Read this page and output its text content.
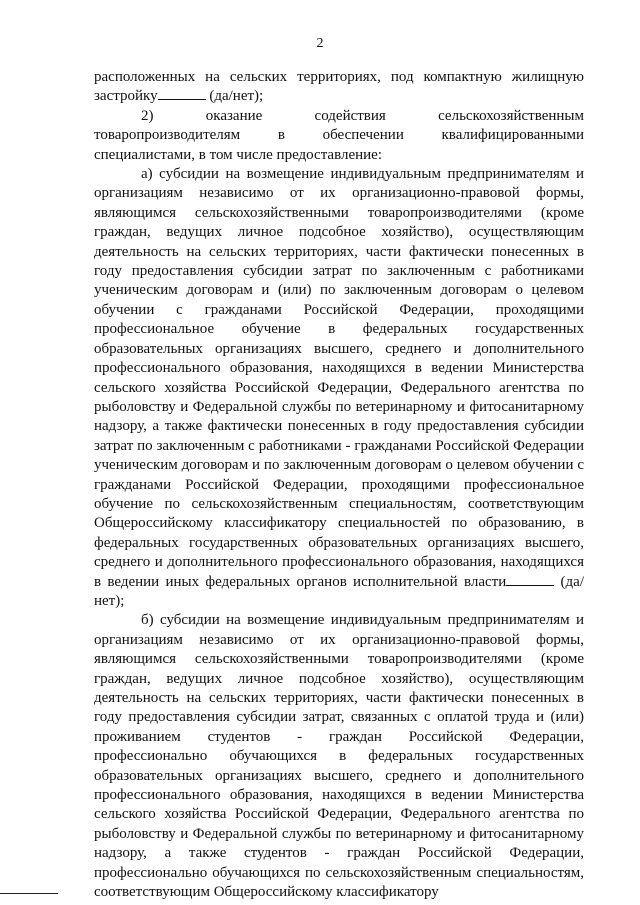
2

расположенных на сельских территориях, под компактную жилищную застройку	(да/нет);

2) оказание содействия сельскохозяйственным товаропроизводителям в обеспечении квалифицированными специалистами, в том числе предоставление:

а) субсидии на возмещение индивидуальным предпринимателям и организациям независимо от их организационно-правовой формы, являющимся сельскохозяйственными товаропроизводителями (кроме граждан, ведущих личное подсобное хозяйство), осуществляющим деятельность на сельских территориях, части фактически понесенных в году предоставления субсидии затрат по заключенным с работниками ученическим договорам и (или) по заключенным договорам о целевом обучении с гражданами Российской Федерации, проходящими профессиональное обучение в федеральных государственных образовательных организациях высшего, среднего и дополнительного профессионального образования, находящихся в ведении Министерства сельского хозяйства Российской Федерации, Федерального агентства по рыболовству и Федеральной службы по ветеринарному и фитосанитарному надзору, а также фактически понесенных в году предоставления субсидии затрат по заключенным с работниками - гражданами Российской Федерации ученическим договорам и по заключенным договорам о целевом обучении с гражданами Российской Федерации, проходящими профессиональное обучение по сельскохозяйственным специальностям, соответствующим Общероссийскому классификатору специальностей по образованию, в федеральных государственных образовательных организациях высшего, среднего и дополнительного профессионального образования, находящихся в ведении иных федеральных органов исполнительной власти	(да/нет);

б) субсидии на возмещение индивидуальным предпринимателям и организациям независимо от их организационно-правовой формы, являющимся сельскохозяйственными товаропроизводителями (кроме граждан, ведущих личное подсобное хозяйство), осуществляющим деятельность на сельских территориях, части фактически понесенных в году предоставления субсидии затрат, связанных с оплатой труда и (или) проживанием студентов - граждан Российской Федерации, профессионально обучающихся в федеральных государственных образовательных организациях высшего, среднего и дополнительного профессионального образования, находящихся в ведении Министерства сельского хозяйства Российской Федерации, Федерального агентства по рыболовству и Федеральной службы по ветеринарному и фитосанитарному надзору, а также студентов - граждан Российской Федерации, профессионально обучающихся по сельскохозяйственным специальностям, соответствующим Общероссийскому классификатору
